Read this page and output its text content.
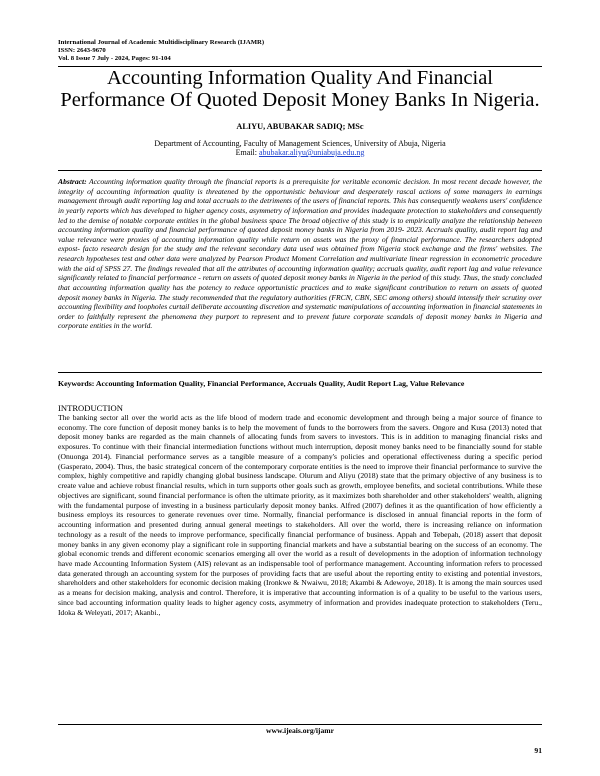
International Journal of Academic Multidisciplinary Research (IJAMR)
ISSN: 2643-9670
Vol. 8 Issue 7 July - 2024, Pages: 91-104
Accounting Information Quality And Financial Performance Of Quoted Deposit Money Banks In Nigeria.
ALIYU, ABUBAKAR SADIQ; MSc
Department of Accounting, Faculty of Management Sciences, University of Abuja, Nigeria
Email: abubakar.aliyu@uniabuja.edu.ng

Abstract: Accounting information quality through the financial reports is a prerequisite for veritable economic decision. In most recent decade however, the integrity of accounting information quality is threatened by the opportunistic behaviour and desperately rascal actions of some managers in earnings management through audit reporting lag and total accruals to the detriments of the users of financial reports. This has consequently weakens users' confidence in yearly reports which has developed to higher agency costs, asymmetry of information and provides inadequate protection to stakeholders and consequently led to the demise of notable corporate entities in the global business space The broad objective of this study is to empirically analyze the relationship between accounting information quality and financial performance of quoted deposit money banks in Nigeria from 2019- 2023. Accruals quality, audit report lag and value relevance were proxies of accounting information quality while return on assets was the proxy of financial performance. The researchers adopted expost- facto research design for the study and the relevant secondary data used was obtained from Nigeria stock exchange and the firms' websites. The research hypotheses test and other data were analyzed by Pearson Product Moment Correlation and multivariate linear regression in econometric procedure with the aid of SPSS 27. The findings revealed that all the attributes of accounting information quality; accruals quality, audit report lag and value relevance significantly related to financial performance - return on assets of quoted deposit money banks in Nigeria in the period of this study. Thus, the study concluded that accounting information quality has the potency to reduce opportunistic practices and to make significant contribution to return on assets of quoted deposit money banks in Nigeria. The study recommended that the regulatory authorities (FRCN, CBN, SEC among others) should intensify their scrutiny over accounting flexibility and loopholes curtail deliberate accounting discretion and systematic manipulations of accounting information in financial statements in order to faithfully represent the phenomena they purport to represent and to prevent future corporate scandals of deposit money banks in Nigeria and corporate entities in the world.

Keywords: Accounting Information Quality, Financial Performance, Accruals Quality, Audit Report Lag, Value Relevance
INTRODUCTION

The banking sector all over the world acts as the life blood of modern trade and economic development and through being a major source of finance to economy. The core function of deposit money banks is to help the movement of funds to the borrowers from the savers. Ongore and Kusa (2013) noted that deposit money banks are regarded as the main channels of allocating funds from savers to investors. This is in addition to managing financial risks and exposures. To continue with their financial intermediation functions without much interruption, deposit money banks need to be financially sound for stable (Onuonga 2014). Financial performance serves as a tangible measure of a company's policies and operational effectiveness during a specific period (Gasperato, 2004). Thus, the basic strategical concern of the contemporary corporate entities is the need to improve their financial performance to survive the complex, highly competitive and rapidly changing global business landscape. Olurum and Aliyu (2018) state that the primary objective of any business is to create value and achieve robust financial results, which in turn supports other goals such as growth, employee benefits, and societal contributions. While these objectives are significant, sound financial performance is often the ultimate priority, as it maximizes both shareholder and other stakeholders' wealth, aligning with the fundamental purpose of investing in a business particularly deposit money banks. Alfred (2007) defines it as the quantification of how efficiently a business employs its resources to generate revenues over time. Normally, financial performance is disclosed in annual financial reports in the form of accounting information and presented during annual general meetings to stakeholders. All over the world, there is increasing reliance on information technology as a result of the needs to improve performance, specifically financial performance of business. Appah and Tebepah, (2018) assert that deposit money banks in any given economy play a significant role in supporting financial markets and have a substantial bearing on the success of an economy. The global economic trends and different economic scenarios emerging all over the world as a result of developments in the adoption of information technology have made Accounting Information System (AIS) relevant as an indispensable tool of performance management. Accounting information refers to processed data generated through an accounting system for the purposes of providing facts that are useful about the reporting entity to existing and potential investors, shareholders and other stakeholders for economic decision making (Ironkwe & Nwaiwu, 2018; Akambi & Adewoye, 2018). It is among the main sources used as a means for decision making, analysis and control. Therefore, it is imperative that accounting information is of a quality to be useful to the various users, since bad accounting information quality leads to higher agency costs, asymmetry of information and provides inadequate protection to stakeholders (Teru., Idoka & Weleyati, 2017; Akanbi.,

www.ijeais.org/ijamr
91
